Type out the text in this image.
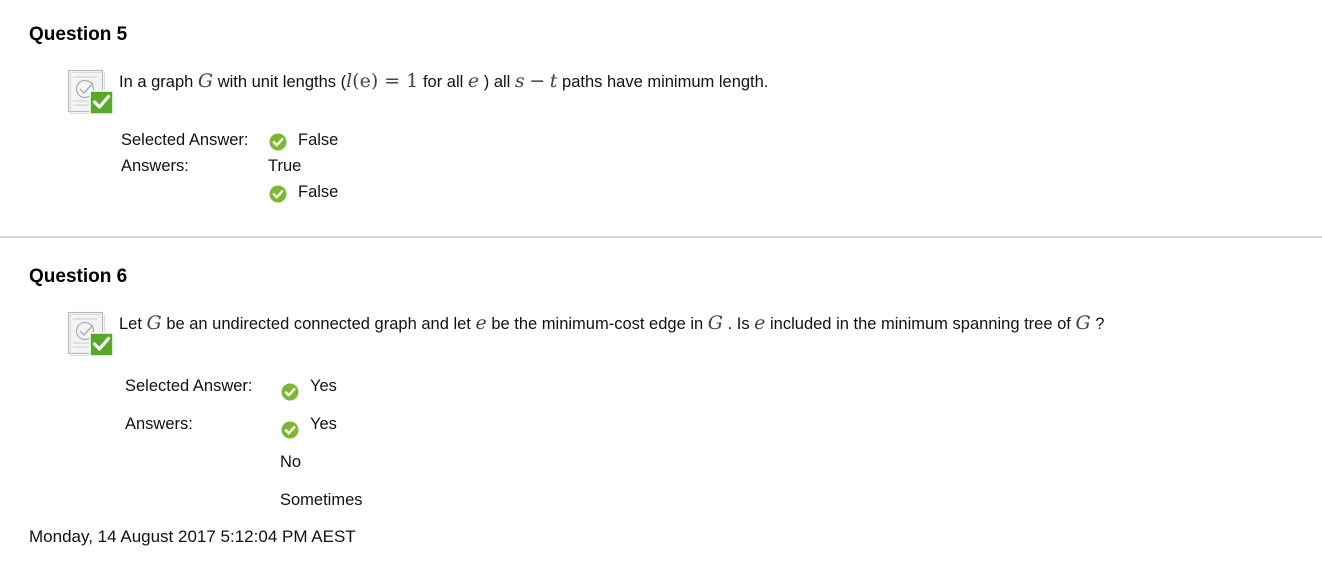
Question 5
In a graph G with unit lengths (l(e) = 1 for all e ) all s − t paths have minimum length.
Selected Answer:	False
Answers:	True
False
Question 6
Let G be an undirected connected graph and let e be the minimum-cost edge in G . Is e included in the minimum spanning tree of G ?
Selected Answer:	Yes
Answers:	Yes
No
Sometimes
Monday, 14 August 2017 5:12:04 PM AEST
